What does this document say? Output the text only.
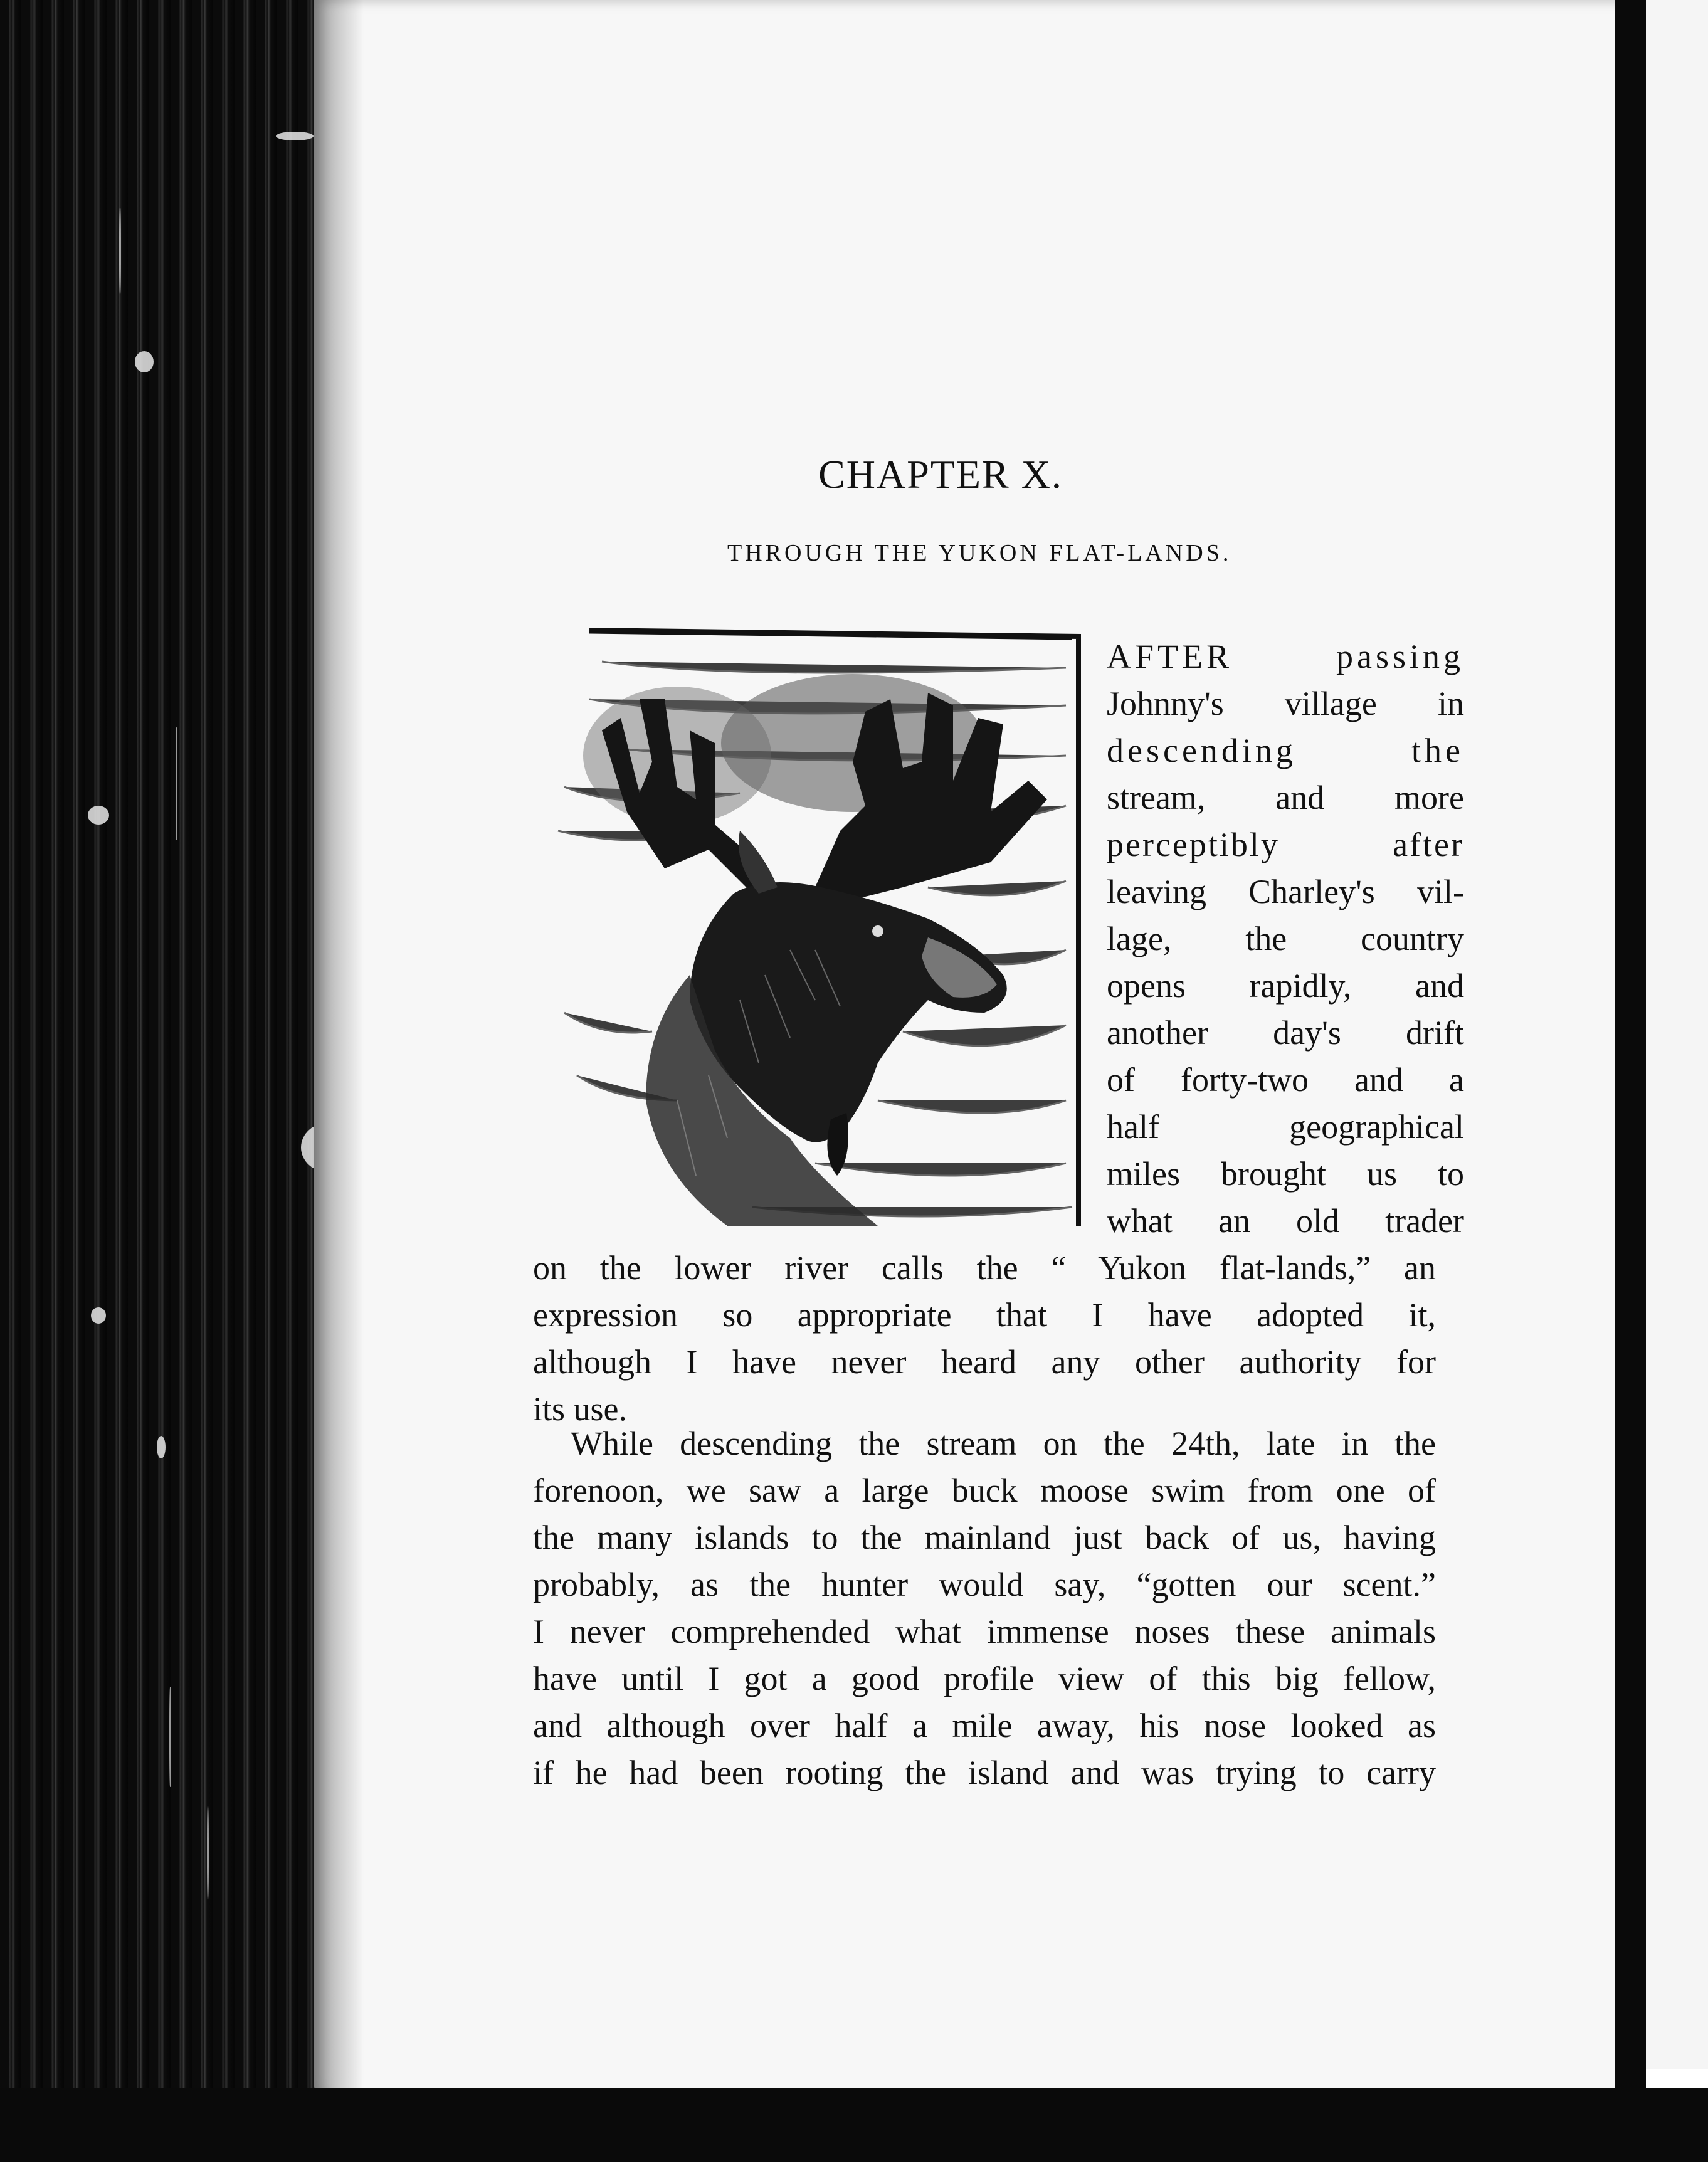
CHAPTER X.
THROUGH THE YUKON FLAT-LANDS.
AFTER passing
Johnny's village in
descending the
stream, and more
perceptibly after
leaving Charley's vil-
lage, the country
opens rapidly, and
another day's drift
of forty-two and a
half geographical
miles brought us to
what an old trader
on the lower river calls the “ Yukon flat-lands,” an
expression so appropriate that I have adopted it,
although I have never heard any other authority for
its use.
While descending the stream on the 24th, late in the
forenoon, we saw a large buck moose swim from one of
the many islands to the mainland just back of us, having
probably, as the hunter would say, “gotten our scent.”
I never comprehended what immense noses these animals
have until I got a good profile view of this big fellow,
and although over half a mile away, his nose looked as
if he had been rooting the island and was trying to carry
